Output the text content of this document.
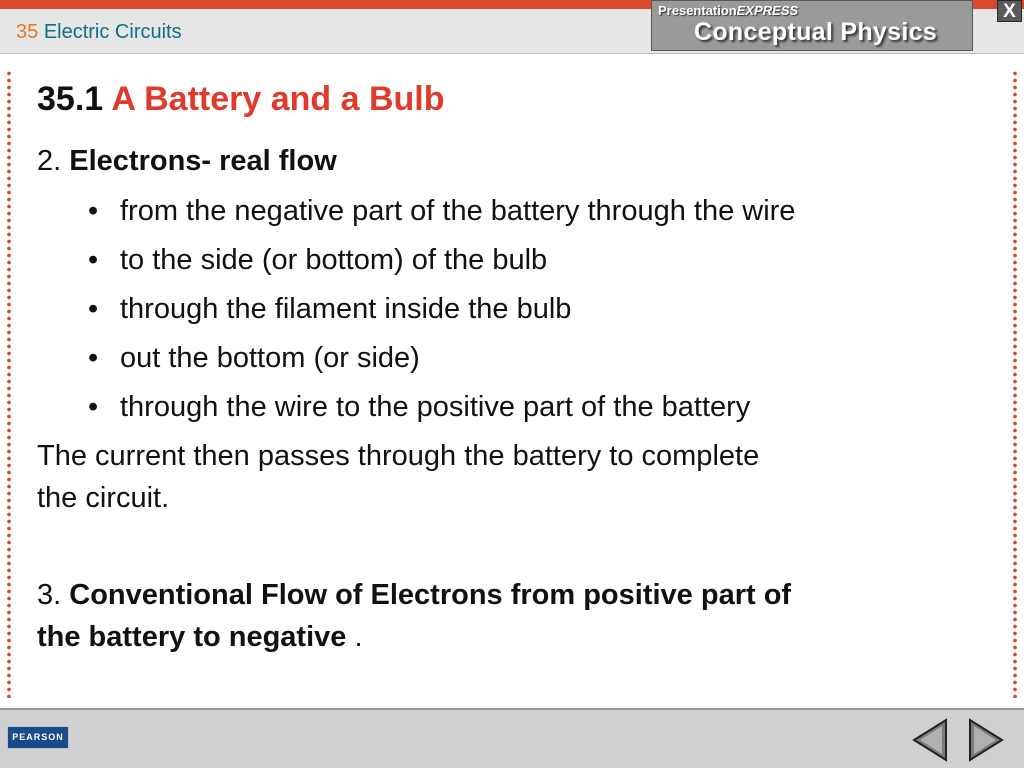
35 Electric Circuits
PresentationEXPRESS
Conceptual Physics
X
35.1 A Battery and a Bulb
2. Electrons- real flow
• from the negative part of the battery through the wire
• to the side (or bottom) of the bulb
• through the filament inside the bulb
• out the bottom (or side)
• through the wire to the positive part of the battery
The current then passes through the battery to complete
the circuit.
3. Conventional Flow of Electrons from positive part of
the battery to negative .
PEARSON
